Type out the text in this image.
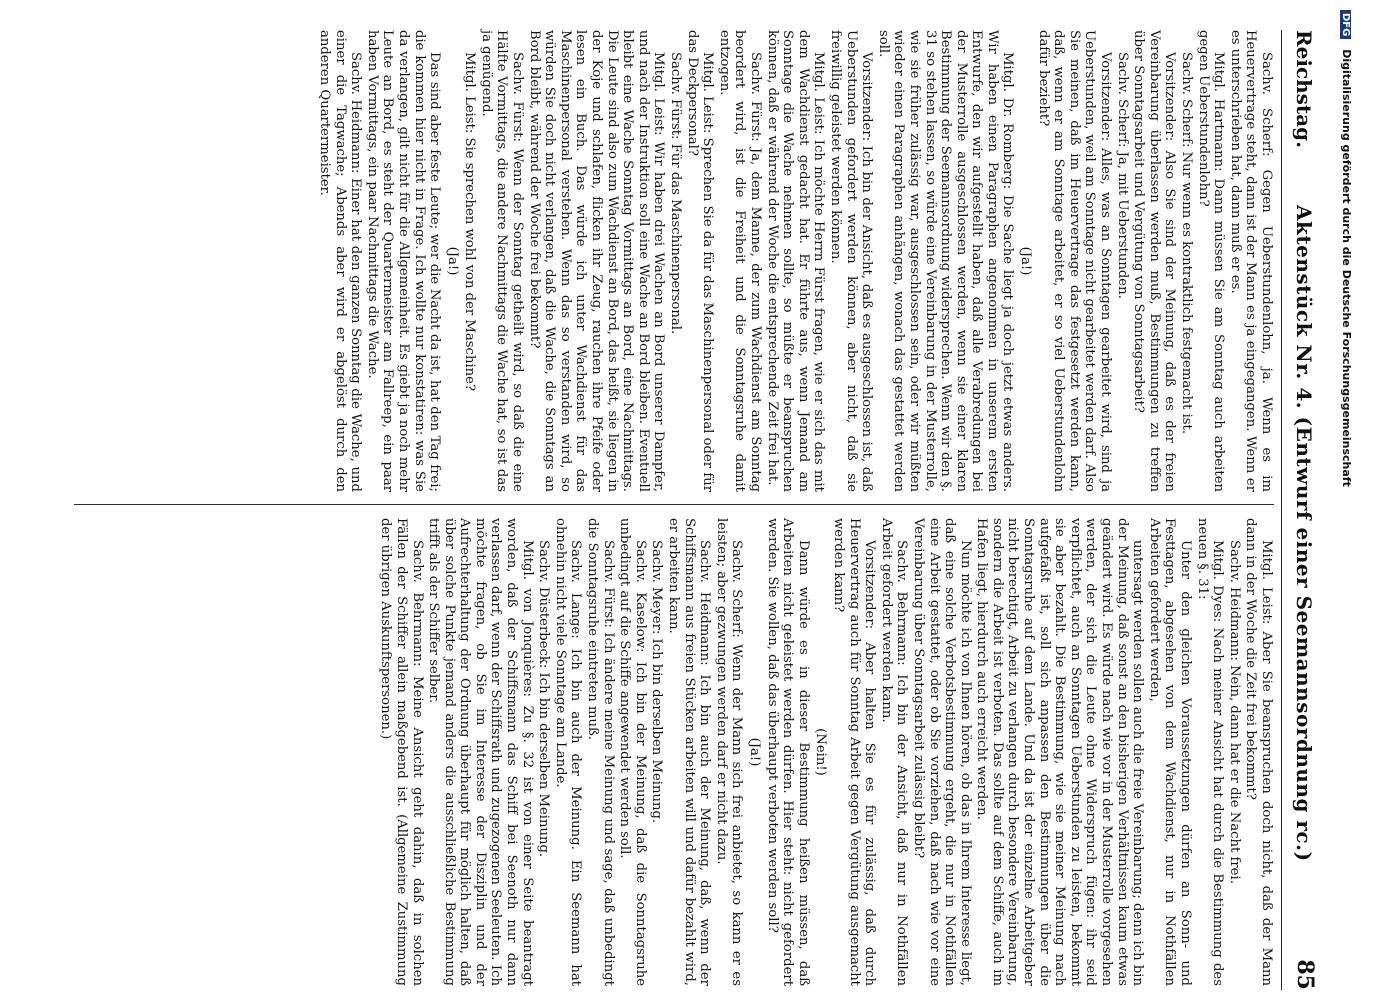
Reichstag.
Aktenstück Nr. 4. (Entwurf einer Seemannsordnung rc.)
85

Sachv. Scherf: Gegen Ueberstundenlohn, ja. Wenn es im Heuervertrage steht, dann ist der Mann es ja eingegangen. Wenn er es unterschrieben hat, dann muß er es.

Mitgl. Hartmann: Dann müssen Sie am Sonntag auch arbeiten gegen Ueberstundenlohn?

Sachv. Scherf: Nur wenn es kontraktlich festgemacht ist.

Vorsitzender: Also Sie sind der Meinung, daß es der freien Vereinbarung überlassen werden muß, Bestimmungen zu treffen über Sonntagsarbeit und Vergütung von Sonntagsarbeit?

Sachv. Scherf: Ja, mit Ueberstunden.

Vorsitzender: Alles, was an Sonntagen gearbeitet wird, sind ja Ueberstunden, weil am Sonntage nicht gearbeitet werden darf. Also Sie meinen, daß im Heuervertrage das festgesetzt werden kann, daß, wenn er am Sonntage arbeitet, er so viel Ueberstundenlohn dafür bezieht?

(Ja!)

Mitgl. Dr. Romberg: Die Sache liegt ja doch jetzt etwas anders. Wir haben einen Paragraphen angenommen in unserem ersten Entwurfe, den wir aufgestellt haben, daß alle Verabredungen bei der Musterrolle ausgeschlossen werden, wenn sie einer klaren Bestimmung der Seemannsordnung widersprechen. Wenn wir den §. 31 so stehen lassen, so würde eine Vereinbarung in der Musterrolle, wie sie früher zulässig war, ausgeschlossen sein, oder wir müßten wieder einen Paragraphen anhängen, wonach das gestattet werden soll.

Vorsitzender: Ich bin der Ansicht, daß es ausgeschlossen ist, daß Ueberstunden gefordert werden können, aber nicht, daß sie freiwillig geleistet werden können.

Mitgl. Leist: Ich möchte Herrn Fürst fragen, wie er sich das mit dem Wachdienst gedacht hat. Er führte aus, wenn Jemand am Sonntage die Wache nehmen sollte, so müßte er beanspruchen können, daß er während der Woche die entsprechende Zeit frei hat.

Sachv. Fürst: Ja, dem Manne, der zum Wachdienst am Sonntag beordert wird, ist die Freiheit und die Sonntagsruhe damit entzogen.

Mitgl. Leist: Sprechen Sie da für das Maschinenpersonal oder für das Deckpersonal?

Sachv. Fürst: Für das Maschinenpersonal.

Mitgl. Leist: Wir haben drei Wachen an Bord unserer Dampfer, und nach der Instruktion soll eine Wache an Bord bleiben. Eventuell bleibt eine Wache Sonntag Vormittags an Bord, eine Nachmittags. Die Leute sind also zum Wachdienst an Bord, das heißt, sie liegen in der Koje und schlafen, flicken ihr Zeug, rauchen ihre Pfeife oder lesen ein Buch. Das würde ich unter Wachdienst für das Maschinenpersonal verstehen. Wenn das so verstanden wird, so würden Sie doch nicht verlangen, daß die Wache, die Sonntags an Bord bleibt, während der Woche frei bekommt?

Sachv. Fürst: Wenn der Sonntag getheilt wird, so daß die eine Hälfte Vormittags, die andere Nachmittags die Wache hat, so ist das ja genügend.

Mitgl. Leist: Sie sprechen wohl von der Maschine?

(Ja!)

Das sind aber feste Leute; wer die Nacht da ist, hat den Tag frei; die kommen hier nicht in Frage. Ich wollte nur konstatiren: was Sie da verlangen, gilt nicht für die Allgemeinheit. Es giebt ja noch mehr Leute an Bord, es steht der Quartermeister am Fallreep, ein paar haben Vormittags, ein paar Nachmittags die Wache.

Sachv. Heidmann: Einer hat den ganzen Sonntag die Wache, und einer die Tagwache; Abends aber wird er abgelöst durch den anderen Quartermeister.

Mitgl. Leist: Aber Sie beanspruchen doch nicht, daß der Mann dann in der Woche die Zeit frei bekommt?

Sachv. Heidmann: Nein, dann hat er die Nacht frei.

Mitgl. Dyes: Nach meiner Ansicht hat durch die Bestimmung des neuen §. 31:

Unter den gleichen Voraussetzungen dürfen an Sonn- und Festtagen, abgesehen von dem Wachdienst, nur in Nothfällen Arbeiten gefordert werden,

untersagt werden sollen auch die freie Vereinbarung; denn ich bin der Meinung, daß sonst an den bisherigen Verhältnissen kaum etwas geändert wird. Es würde nach wie vor in der Musterrolle vorgesehen werden, der sich die Leute ohne Widerspruch fügen: ihr seid verpflichtet, auch an Sonntagen Ueberstunden zu leisten, bekommt sie aber bezahlt. Die Bestimmung, wie sie meiner Meinung nach aufgefaßt ist, soll sich anpassen den Bestimmungen über die Sonntagsruhe auf dem Lande. Und da ist der einzelne Arbeitgeber nicht berechtigt, Arbeit zu verlangen durch besondere Vereinbarung, sondern die Arbeit ist verboten. Das sollte auf dem Schiffe, auch im Hafen liegt, hierdurch auch erreicht werden.

Nun möchte ich von Ihnen hören, ob das in Ihrem Interesse liegt, daß eine solche Verbotsbestimmung ergeht, die nur in Nothfällen eine Arbeit gestattet, oder ob Sie vorziehen, daß nach wie vor eine Vereinbarung über Sonntagsarbeit zulässig bleibt?

Sachv. Behrmann: Ich bin der Ansicht, daß nur in Nothfällen Arbeit gefordert werden kann.

Vorsitzender: Aber halten Sie es für zulässig, daß durch Heuervertrag auch für Sonntag Arbeit gegen Vergütung ausgemacht werden kann?

(Nein!)

Dann würde es in dieser Bestimmung heißen müssen, daß Arbeiten nicht geleistet werden dürfen. Hier steht: nicht gefordert werden. Sie wollen, daß das überhaupt verboten werden soll?

(Ja!)

Sachv. Scherf: Wenn der Mann sich frei anbietet, so kann er es leisten; aber gezwungen werden darf er nicht dazu.

Sachv. Heidmann: Ich bin auch der Meinung, daß, wenn der Schiffsmann aus freien Stücken arbeiten will und dafür bezahlt wird, er arbeiten kann.

Sachv. Meyer: Ich bin derselben Meinung.

Sachv. Kaselow: Ich bin der Meinung, daß die Sonntagsruhe unbedingt auf die Schiffe angewendet werden soll.

Sachv. Fürst: Ich ändere meine Meinung und sage, daß unbedingt die Sonntagsruhe eintreten muß.

Sachv. Lange: Ich bin auch der Meinung. Ein Seemann hat ohnehin nicht viele Sonntage am Lande.

Sachv. Düsterbeck: Ich bin derselben Meinung.

Mitgl. von Jonquières: Zu §. 32 ist von einer Seite beantragt worden, daß der Schiffsmann das Schiff bei Seenoth nur dann verlassen darf, wenn der Schiffsrath und zugezogenen Seeleuten. Ich möchte fragen, ob Sie im Interesse der Disziplin und der Aufrechterhaltung der Ordnung überhaupt für möglich halten, daß über solche Punkte jemand anders die ausschließliche Bestimmung trifft als der Schiffer selber.

Sachv. Behrmann: Meine Ansicht geht dahin, daß in solchen Fällen der Schiffer allein maßgebend ist. (Allgemeine Zustimmung der übrigen Auskunftspersonen.)

DFG Digitalisierung gefördert durch die Deutsche Forschungsgemeinschaft
